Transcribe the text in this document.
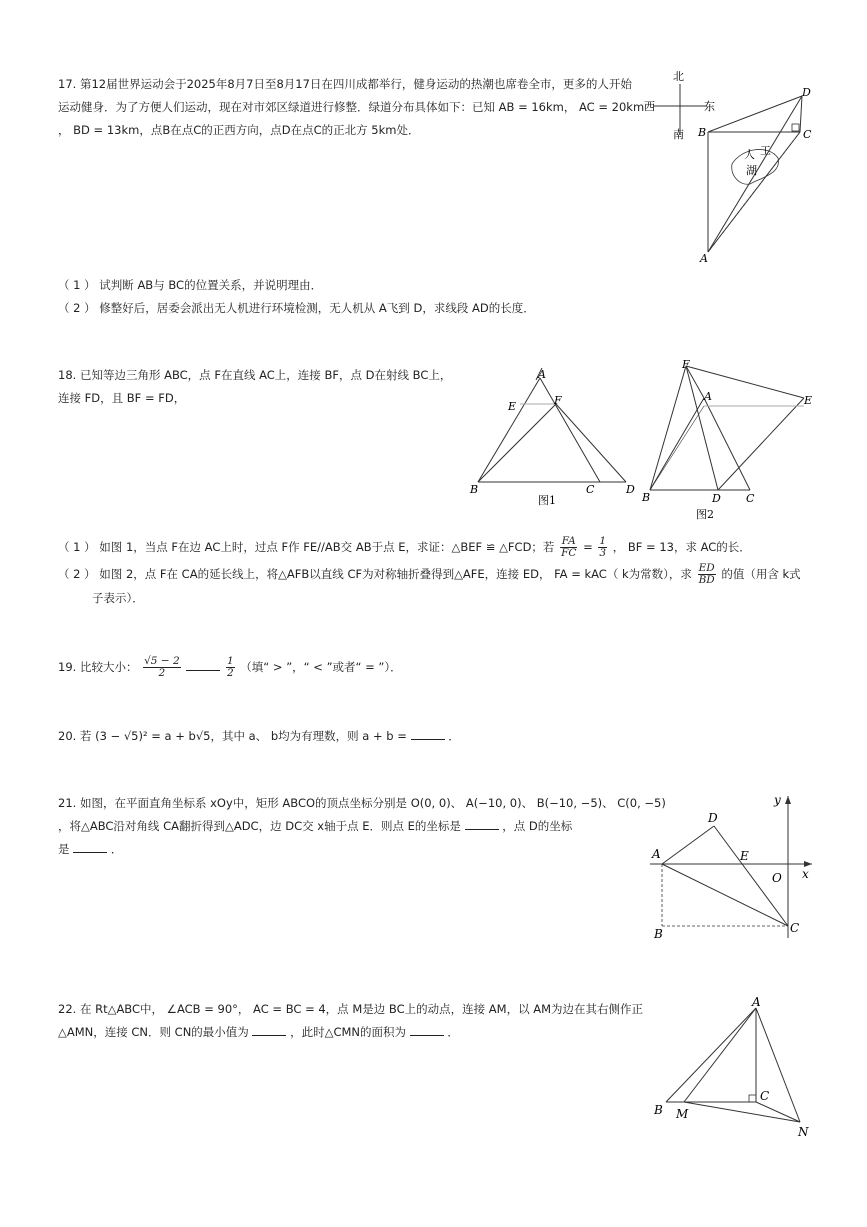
17. 第12届世界运动会于2025年8月7日至8月17日在四川成都举行，健身运动的热潮也席卷全市，更多的人开始
运动健身．为了方便人们运动，现在对市郊区绿道进行修整．绿道分布具体如下：已知 AB = 16km， AC = 20km
， BD = 13km，点B在点C的正西方向，点D在点C的正北方 5km处．
北
南
西	东
人 工
湖
A
B	C
D
（ 1 ） 试判断 AB与 BC的位置关系，并说明理由．
（ 2 ） 修整好后，居委会派出无人机进行环境检测，无人机从 A飞到 D，求线段 AD的长度．
18. 已知等边三角形 ABC，点 F在直线 AC上，连接 BF，点 D在射线 BC上，
连接 FD，且 BF = FD，
A
E	F
B	C	D
图1
F
A	E
B	D C
图2
（ 1 ） 如图 1，当点 F在边 AC上时，过点 F作 FE//AB交 AB于点 E，求证：△BEF ≌ △FCD；若 $\frac{FA}{FC} = \frac{1}{3}$ ， BF = 13，求 AC的长．
（ 2 ） 如图 2，点 F在 CA的延长线上，将△AFB以直线 CF为对称轴折叠得到△AFE，连接 ED， FA = kAC（ k为常数），求 $\frac{ED}{BD}$ 的值（用含 k式
子表示）．
19. 比较大小： $\frac{√5 - 2}{2}$
	$\frac{1}{2}$ （填“ > ”，“ < ”或者“ = ”）．
20. 若 (3 − √5)² = a + b√5，其中 a、 b均为有理数，则 a + b =	．
21. 如图，在平面直角坐标系 xOy中，矩形 ABCO的顶点坐标分别是 O(0, 0)、 A(−10, 0)、 B(−10, −5)、 C(0, −5)
，将△ABC沿对角线 CA翻折得到△ADC，边 DC交 x轴于点 E．则点 E的坐标是	，点 D的坐标
是	．	A
D
E
O x
y
B	C
22. 在 Rt△ABC中， ∠ACB = 90°， AC = BC = 4，点 M是边 BC上的动点，连接 AM，以 AM为边在其右侧作正
△AMN，连接 CN．则 CN的最小值为	，此时△CMN的面积为	．
A
B M
C
N
